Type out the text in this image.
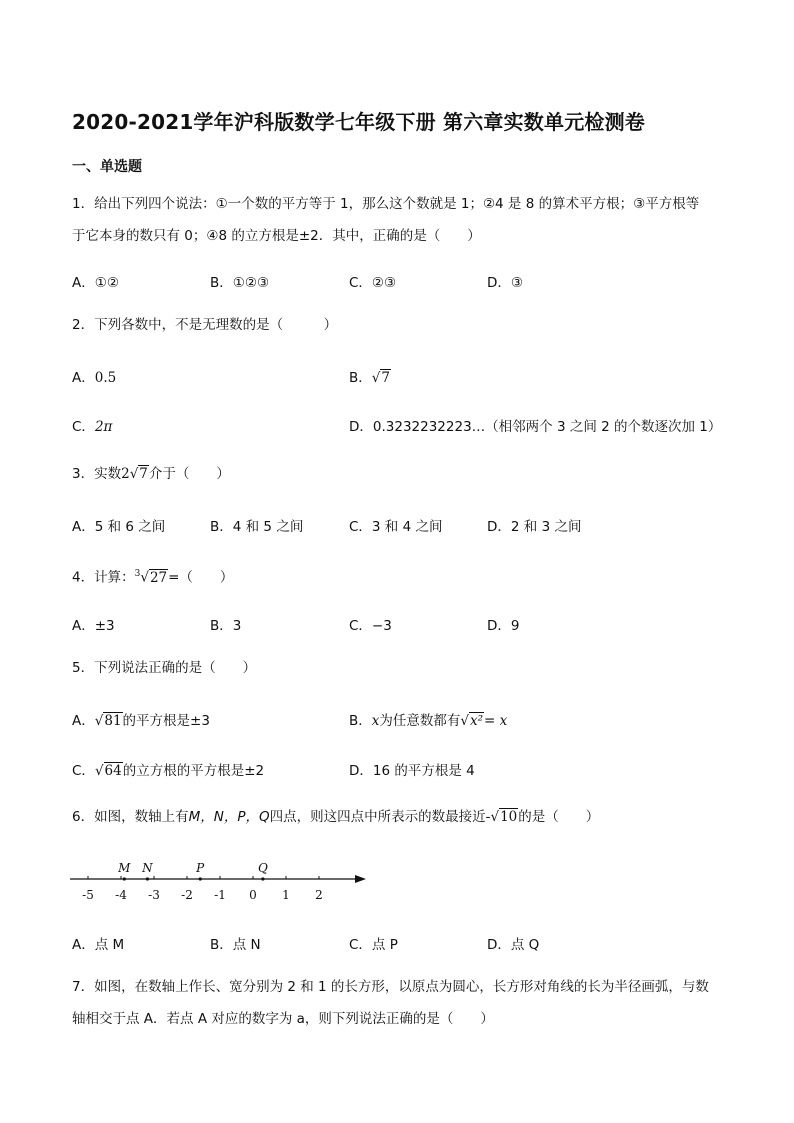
2020-2021学年沪科版数学七年级下册 第六章实数单元检测卷
一、单选题
1．给出下列四个说法：①一个数的平方等于 1，那么这个数就是 1；②4 是 8 的算术平方根；③平方根等
于它本身的数只有 0；④8 的立方根是±2．其中，正确的是（　　）
A．①②	B．①②③	C．②③	D．③
2．下列各数中，不是无理数的是（　　　）
A．0.5	B．√7
C．2π	D．0.3232232223…（相邻两个 3 之间 2 的个数逐次加 1）
3．实数2√7介于（　　）
A．5 和 6 之间	B．4 和 5 之间	C．3 和 4 之间	D．2 和 3 之间
4．计算：$^3$√27=（　　）
A．±3	B．3	C．−3	D．9
5．下列说法正确的是（　　）
A．√81的平方根是±3	B．x为任意数都有√x²= x
C．√64的立方根的平方根是±2	D．16 的平方根是 4
6．如图，数轴上有M，N，P，Q四点，则这四点中所表示的数最接近-√10的是（　　）
-5 -4 -3 -2 -1 0 1 2
M N	P	Q
A．点 M	B．点 N	C．点 P	D．点 Q
7．如图，在数轴上作长、宽分别为 2 和 1 的长方形，以原点为圆心，长方形对角线的长为半径画弧，与数
轴相交于点 A．若点 A 对应的数字为 a，则下列说法正确的是（　　）
